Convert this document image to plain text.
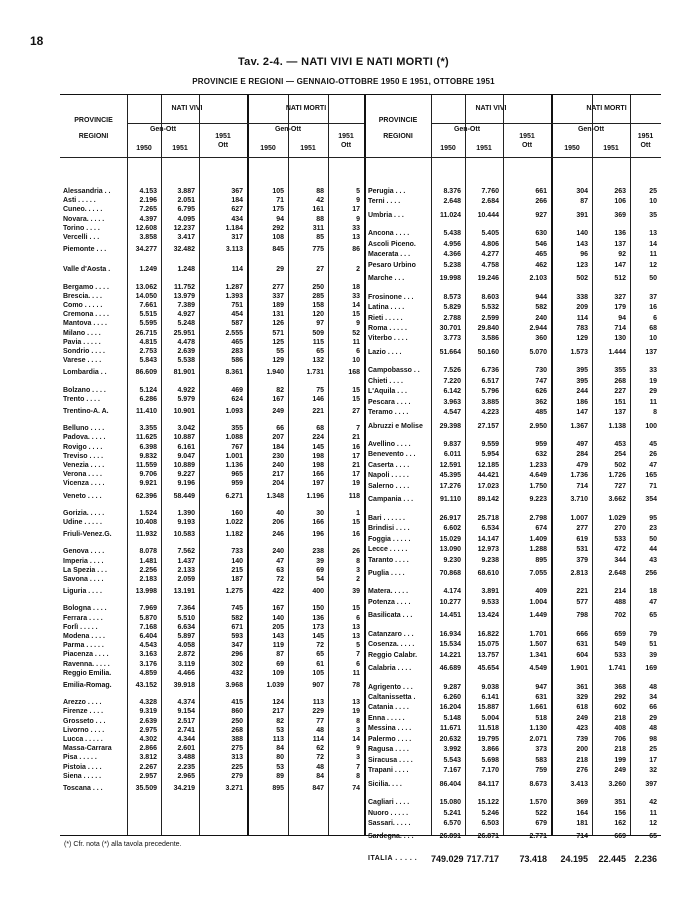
18
Tav. 2-4. — NATI VIVI E NATI MORTI (*)
PROVINCIE E REGIONI — GENNAIO-OTTOBRE 1950 E 1951, OTTOBRE 1951
PROVINCIE
REGIONI
NATI VIVI	NATI MORTI
Gen-Ott	Gen-Ott
1950	1951
1951
Ott	1950	1951
1951
Ott
PROVINCIE
REGIONI
NATI VIVI	NATI MORTI
Gen-Ott	Gen-Ott
1950	1951
1951
Ott	1950	1951
1951
Ott
Alessandria . .	4.153	3.887	367	105	88	5
Asti . . . . .	2.196	2.051	184	71	42	9
Cuneo. . . . .	7.265	6.795	627	175	161	17
Novara. . . . .	4.397	4.095	434	94	88	9
Torino . . . .	12.608	12.237	1.184	292	311	33
Vercelli . . .	3.858	3.417	317	108	85	13
Piemonte . . .	34.277	32.482	3.113	845	775	86
Valle d'Aosta .	1.249	1.248	114	29	27	2
Bergamo . . . .	13.062	11.752	1.287	277	250	18
Brescia. . . .	14.050	13.979	1.393	337	285	33
Como . . . . .	7.661	7.389	751	189	158	14
Cremona . . . .	5.515	4.927	454	131	120	15
Mantova . . . .	5.595	5.248	587	126	97	9
Milano . . . .	26.715	25.951	2.555	571	509	52
Pavia . . . . .	4.815	4.478	465	125	115	11
Sondrio . . . .	2.753	2.639	283	55	65	6
Varese . . . .	5.843	5.538	586	129	132	10
Lombardia . .	86.609	81.901	8.361	1.940	1.731	168
Bolzano . . . .	5.124	4.922	469	82	75	15
Trento . . . .	6.286	5.979	624	167	146	15
Trentino-A. A.	11.410	10.901	1.093	249	221	27
Belluno . . . .	3.355	3.042	355	66	68	7
Padova. . . . .	11.625	10.887	1.088	207	224	21
Rovigo . . . .	6.398	6.161	767	184	145	16
Treviso . . . .	9.832	9.047	1.001	230	198	17
Venezia . . . .	11.559	10.889	1.136	240	198	21
Verona . . . .	9.706	9.227	965	217	166	17
Vicenza . . . .	9.921	9.196	959	204	197	19
Veneto . . . .	62.396	58.449	6.271	1.348	1.196	118
Gorizia. . . . .	1.524	1.390	160	40	30	1
Udine . . . . .	10.408	9.193	1.022	206	166	15
Friuli-Venez.G.	11.932	10.583	1.182	246	196	16
Genova . . . .	8.078	7.562	733	240	238	26
Imperia . . . .	1.481	1.437	140	47	39	8
La Spezia . . .	2.256	2.133	215	63	69	3
Savona . . . .	2.183	2.059	187	72	54	2
Liguria . . . .	13.998	13.191	1.275	422	400	39
Bologna . . . .	7.969	7.364	745	167	150	15
Ferrara . . . .	5.870	5.510	582	140	136	6
Forlì . . . . .	7.168	6.634	671	205	173	13
Modena . . . .	6.404	5.897	593	143	145	13
Parma . . . . .	4.543	4.058	347	119	72	5
Piacenza . . . .	3.163	2.872	296	87	65	7
Ravenna. . . . .	3.176	3.119	302	69	61	6
Reggio Emilia.	4.859	4.466	432	109	105	11
Emilia-Romag.	43.152	39.918	3.968	1.039	907	78
Arezzo . . . .	4.328	4.374	415	124	113	13
Firenze . . . .	9.319	9.154	860	217	229	19
Grosseto . . .	2.639	2.517	250	82	77	8
Livorno . . . .	2.975	2.741	268	53	48	3
Lucca . . . . .	4.302	4.344	388	113	114	14
Massa-Carrara	2.866	2.601	275	84	62	9
Pisa . . . . .	3.812	3.488	313	80	72	3
Pistoia . . . .	2.267	2.235	225	53	48	7
Siena . . . . .	2.957	2.965	279	89	84	8
Toscana . . .	35.509	34.219	3.271	895	847	74
Perugia . . .	8.376	7.760	661	304	263	25
Terni . . . .	2.648	2.684	266	87	106	10
Umbria . . .	11.024	10.444	927	391	369	35
Ancona . . . .	5.438	5.405	630	140	136	13
Ascoli Piceno.	4.956	4.806	546	143	137	14
Macerata . . .	4.366	4.277	465	96	92	11
Pesaro Urbino	5.238	4.758	462	123	147	12
Marche . . .	19.998	19.246	2.103	502	512	50
Frosinone . . .	8.573	8.603	944	338	327	37
Latina . . . .	5.829	5.532	582	209	179	16
Rieti . . . . .	2.788	2.599	240	114	94	6
Roma . . . . .	30.701	29.840	2.944	783	714	68
Viterbo . . . .	3.773	3.586	360	129	130	10
Lazio . . . .	51.664	50.160	5.070	1.573	1.444	137
Campobasso . .	7.526	6.736	730	395	355	33
Chieti . . . .	7.220	6.517	747	395	268	19
L'Aquila . . .	6.142	5.796	626	244	227	29
Pescara . . . .	3.963	3.885	362	186	151	11
Teramo . . . .	4.547	4.223	485	147	137	8
Abruzzi e Molise	29.398	27.157	2.950	1.367	1.138	100
Avellino . . . .	9.837	9.559	959	497	453	45
Benevento . . .	6.011	5.954	632	284	254	26
Caserta . . . .	12.591	12.185	1.233	479	502	47
Napoli . . . . .	45.395	44.421	4.649	1.736	1.726	165
Salerno . . . .	17.276	17.023	1.750	714	727	71
Campania . . .	91.110	89.142	9.223	3.710	3.662	354
Bari . . . . . .	26.917	25.718	2.798	1.007	1.029	95
Brindisi . . . .	6.602	6.534	674	277	270	23
Foggia . . . . .	15.029	14.147	1.409	619	533	50
Lecce . . . . .	13.090	12.973	1.288	531	472	44
Taranto . . . .	9.230	9.238	895	379	344	43
Puglia . . . .	70.868	68.610	7.055	2.813	2.648	256
Matera. . . . .	4.174	3.891	409	221	214	18
Potenza . . . .	10.277	9.533	1.004	577	488	47
Basilicata . . .	14.451	13.424	1.449	798	702	65
Catanzaro . . .	16.934	16.822	1.701	666	659	79
Cosenza. . . . .	15.534	15.075	1.507	631	549	51
Reggio Calabr.	14.221	13.757	1.341	604	533	39
Calabria . . . .	46.689	45.654	4.549	1.901	1.741	169
Agrigento . . .	9.287	9.038	947	361	368	48
Caltanissetta .	6.260	6.141	631	329	292	34
Catania . . . .	16.204	15.887	1.661	618	602	66
Enna . . . . .	5.148	5.004	518	249	218	29
Messina . . . .	11.671	11.518	1.130	423	408	48
Palermo . . . .	20.632	19.795	2.071	739	706	98
Ragusa . . . .	3.992	3.866	373	200	218	25
Siracusa . . . .	5.543	5.698	583	218	199	17
Trapani . . . .	7.167	7.170	759	276	249	32
Sicilia. . . .	86.404	84.117	8.673	3.413	3.260	397
Cagliari . . . .	15.080	15.122	1.570	369	351	42
Nuoro . . . . .	5.241	5.246	522	164	156	11
Sassari. . . . .	6.570	6.503	679	181	162	12
Sardegna. . . .	26.891	26.871	2.771	714	669	65
ITALIA . . . . .	749.029 717.717	73.418	24.195	22.445 2.236
(*) Cfr. nota (*) alla tavola precedente.
